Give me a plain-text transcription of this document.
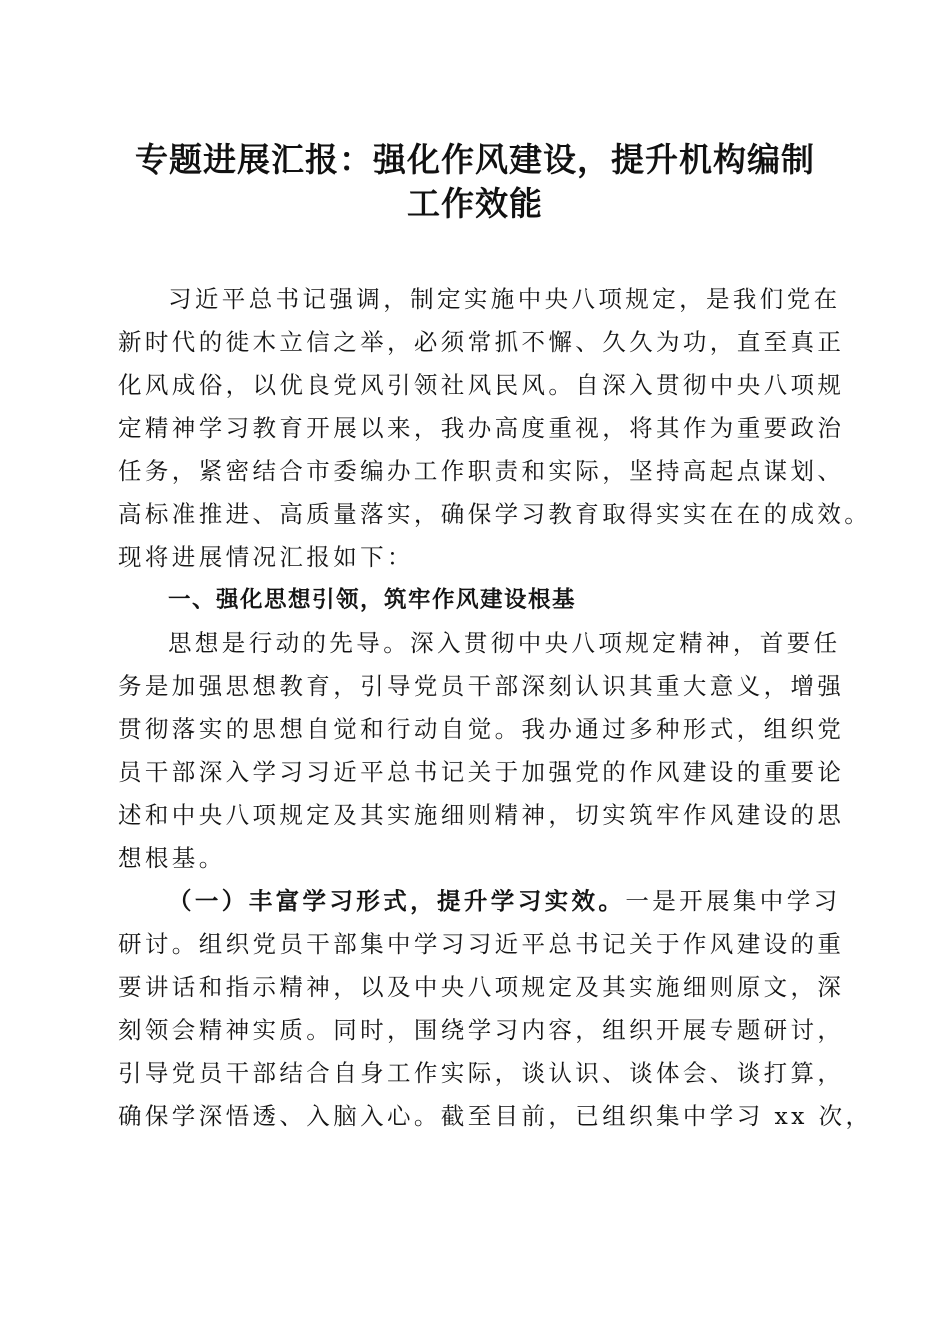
专题进展汇报：强化作风建设，提升机构编制
工作效能

习近平总书记强调，制定实施中央八项规定，是我们党在

新时代的徙木立信之举，必须常抓不懈、久久为功，直至真正

化风成俗，以优良党风引领社风民风。自深入贯彻中央八项规

定精神学习教育开展以来，我办高度重视，将其作为重要政治

任务，紧密结合市委编办工作职责和实际，坚持高起点谋划、

高标准推进、高质量落实，确保学习教育取得实实在在的成效。

现将进展情况汇报如下：

一、强化思想引领，筑牢作风建设根基

思想是行动的先导。深入贯彻中央八项规定精神，首要任

务是加强思想教育，引导党员干部深刻认识其重大意义，增强

贯彻落实的思想自觉和行动自觉。我办通过多种形式，组织党

员干部深入学习习近平总书记关于加强党的作风建设的重要论

述和中央八项规定及其实施细则精神，切实筑牢作风建设的思

想根基。

（一）丰富学习形式，提升学习实效。一是开展集中学习

研讨。组织党员干部集中学习习近平总书记关于作风建设的重

要讲话和指示精神，以及中央八项规定及其实施细则原文，深

刻领会精神实质。同时，围绕学习内容，组织开展专题研讨，

引导党员干部结合自身工作实际，谈认识、谈体会、谈打算，

确保学深悟透、入脑入心。截至目前，已组织集中学习 xx 次，
